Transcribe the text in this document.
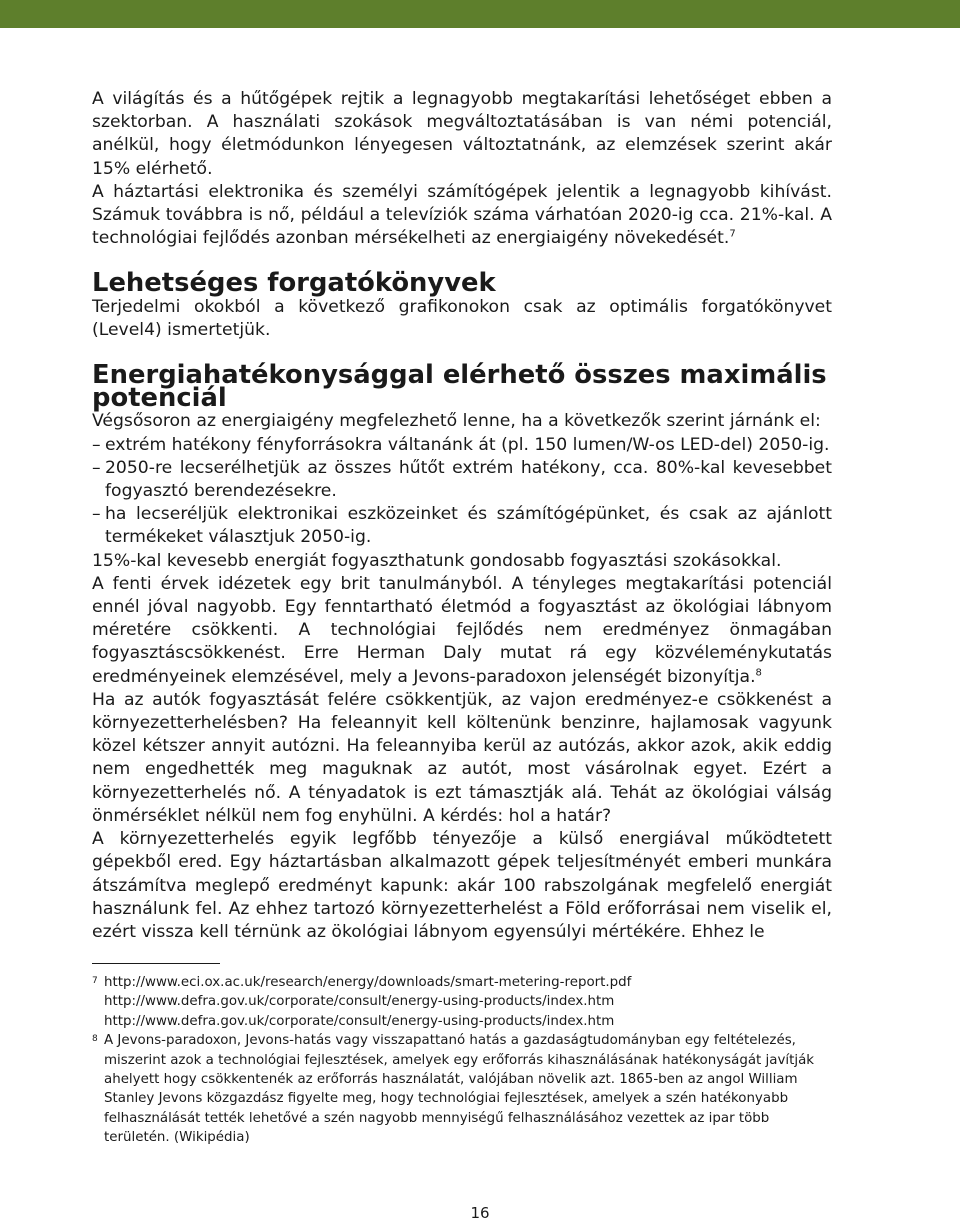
A világítás és a hűtőgépek rejtik a legnagyobb megtakarítási lehetőséget ebben a szektorban. A használati szokások megváltoztatásában is van némi potenciál, anélkül, hogy életmódunkon lényegesen változtatnánk, az elemzések szerint akár 15% elérhető.

A háztartási elektronika és személyi számítógépek jelentik a legnagyobb kihívást. Számuk továbbra is nő, például a televíziók száma várhatóan 2020-ig cca. 21%-kal. A technológiai fejlődés azonban mérsékelheti az energiaigény növekedését.$^7$

Lehetséges forgatókönyvek

Terjedelmi okokból a következő grafikonokon csak az optimális forgatókönyvet (Level4) ismertetjük.

Energiahatékonysággal elérhető összes maximális potenciál

Végsősoron az energiaigény megfelezhető lenne, ha a következők szerint járnánk el:

– extrém hatékony fényforrásokra váltanánk át (pl. 150 lumen/W-os LED-del) 2050-ig.
– 2050-re lecserélhetjük az összes hűtőt extrém hatékony, cca. 80%-kal kevesebbet fogyasztó berendezésekre.
– ha lecseréljük elektronikai eszközeinket és számítógépünket, és csak az ajánlott termékeket választjuk 2050-ig.

15%-kal kevesebb energiát fogyaszthatunk gondosabb fogyasztási szokásokkal.

A fenti érvek idézetek egy brit tanulmányból. A tényleges megtakarítási potenciál ennél jóval nagyobb. Egy fenntartható életmód a fogyasztást az ökológiai lábnyom méretére csökkenti. A technológiai fejlődés nem eredményez önmagában fogyasztáscsökkenést. Erre Herman Daly mutat rá egy közvéleménykutatás eredményeinek elemzésével, mely a Jevons-paradoxon jelenségét bizonyítja.$^8$

Ha az autók fogyasztását felére csökkentjük, az vajon eredményez-e csökkenést a környezetterhelésben? Ha feleannyit kell költenünk benzinre, hajlamosak vagyunk közel kétszer annyit autózni. Ha feleannyiba kerül az autózás, akkor azok, akik eddig nem engedhették meg maguknak az autót, most vásárolnak egyet. Ezért a környezetterhelés nő. A tényadatok is ezt támasztják alá. Tehát az ökológiai válság önmérséklet nélkül nem fog enyhülni. A kérdés: hol a határ?

A környezetterhelés egyik legfőbb tényezője a külső energiával működtetett gépekből ered. Egy háztartásban alkalmazott gépek teljesítményét emberi munkára átszámítva meglepő eredményt kapunk: akár 100 rabszolgának megfelelő energiát használunk fel. Az ehhez tartozó környezetterhelést a Föld erőforrásai nem viselik el, ezért vissza kell térnünk az ökológiai lábnyom egyensúlyi mértékére. Ehhez le

7 http://www.eci.ox.ac.uk/research/energy/downloads/smart-metering-report.pdf
http://www.defra.gov.uk/corporate/consult/energy-using-products/index.htm
http://www.defra.gov.uk/corporate/consult/energy-using-products/index.htm
8 A Jevons-paradoxon, Jevons-hatás vagy visszapattanó hatás a gazdaságtudományban egy feltételezés, miszerint azok a technológiai fejlesztések, amelyek egy erőforrás kihasználásának hatékonyságát javítják ahelyett hogy csökkentenék az erőforrás használatát, valójában növelik azt. 1865-ben az angol William Stanley Jevons közgazdász figyelte meg, hogy technológiai fejlesztések, amelyek a szén hatékonyabb felhasználását tették lehetővé a szén nagyobb mennyiségű felhasználásához vezettek az ipar több területén. (Wikipédia)
16
